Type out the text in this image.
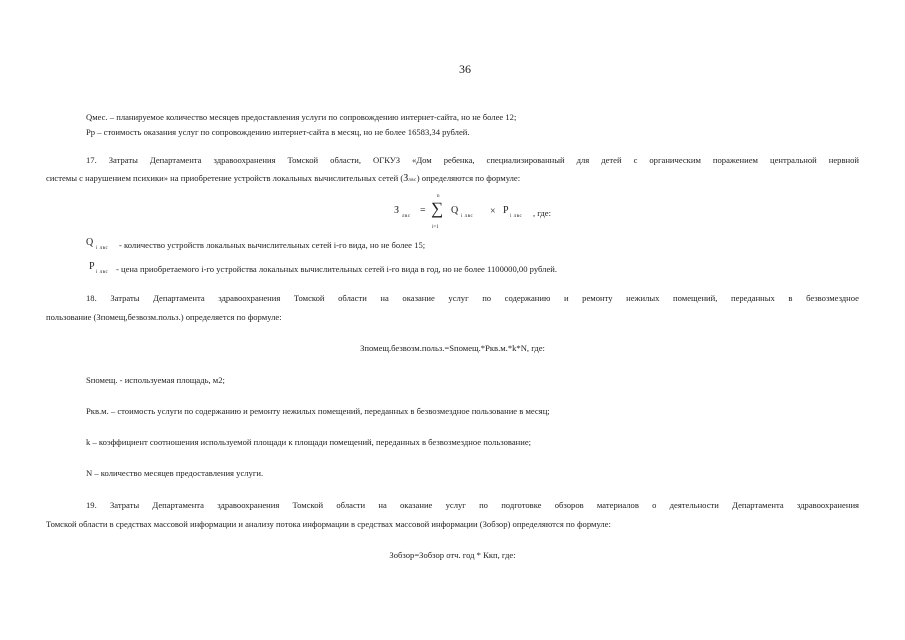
36
Qмес. – планируемое количество месяцев предоставления услуги по сопровождению интернет-сайта, но не более 12;
Pp – стоимость оказания услуг по сопровождению интернет-сайта в месяц, но не более 16583,34 рублей.
17. Затраты Департамента здравоохранения Томской области, ОГКУЗ «Дом ребенка, специализированный для детей с органическим поражением центральной нервной
системы с нарушением психики» на приобретение устройств локальных вычислительных сетей (Злвс) определяются по формуле:
З
лвс
=
n
∑
i=1
Q
i лвс × P
i лвс , где:
Q
i лвс - количество устройств локальных вычислительных сетей i-го вида, но не более 15;
P
i лвс - цена приобретаемого i-го устройства локальных вычислительных сетей i-го вида в год, но не более 1100000,00 рублей.
18. Затраты Департамента здравоохранения Томской области на оказание услуг по содержанию и ремонту нежилых помещений, переданных в безвозмездное
пользование (Зпомещ,безвозм.польз.) определяется по формуле:
Зпомещ.безвозм.польз.=Sпомещ.*Ркв.м.*k*N, где:
Sпомещ. - используемая площадь, м2;
Ркв.м. – стоимость услуги по содержанию и ремонту нежилых помещений, переданных в безвозмездное пользование в месяц;
k – коэффициент соотношения используемой площади к площади помещений, переданных в безвозмездное пользование;
N – количество месяцев предоставления услуги.
19. Затраты Департамента здравоохранения Томской области на оказание услуг по подготовке обзоров материалов о деятельности Департамента здравоохранения
Томской области в средствах массовой информации и анализу потока информации в средствах массовой информации (Зобзор) определяются по формуле:
Зобзор=Зобзор отч. год * Ккп, где:
